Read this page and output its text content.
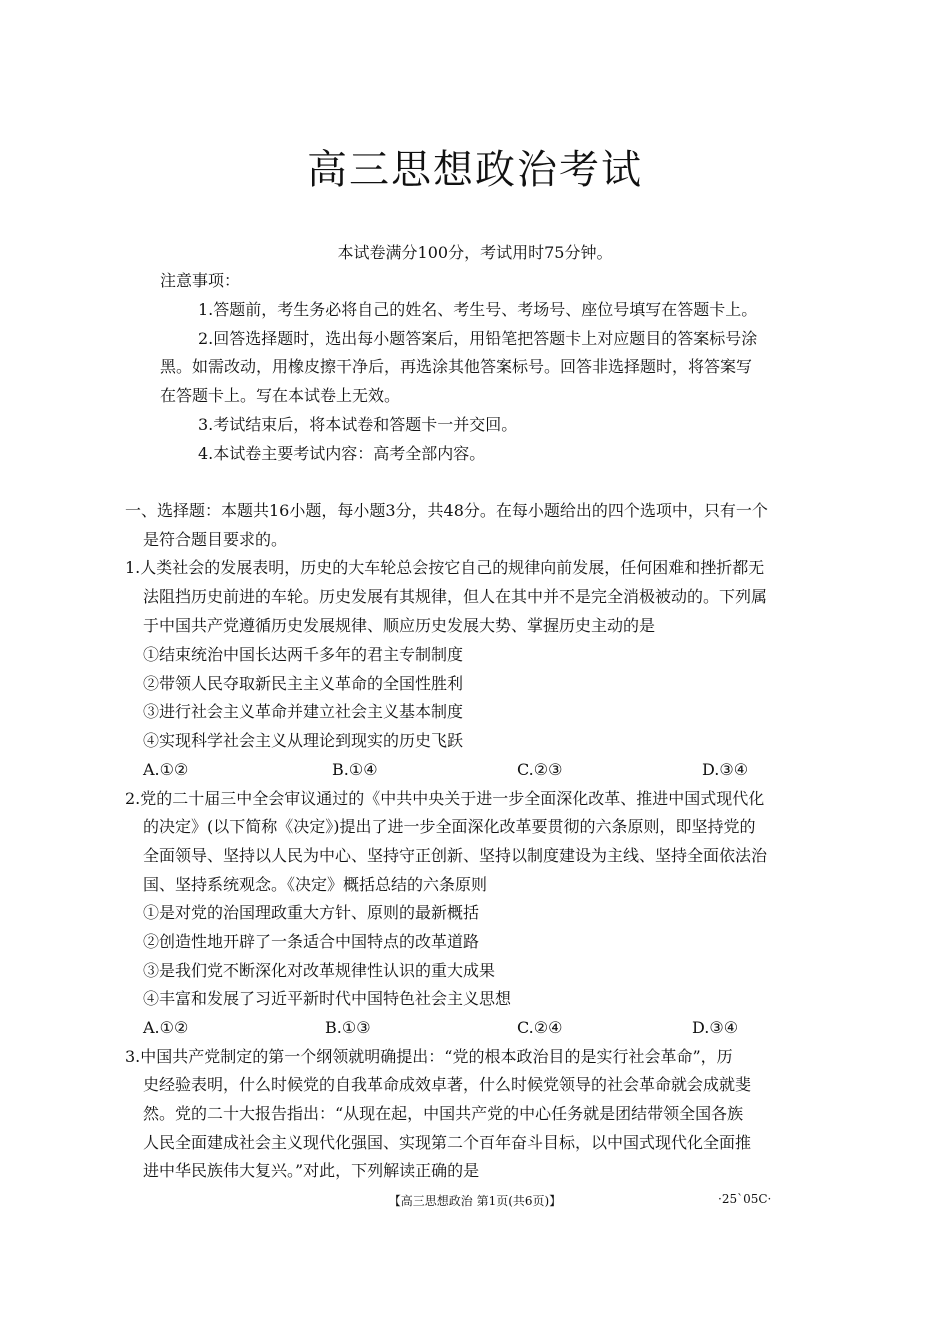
高三思想政治考试
本试卷满分100分，考试用时75分钟。
注意事项：
1.答题前，考生务必将自己的姓名、考生号、考场号、座位号填写在答题卡上。
2.回答选择题时，选出每小题答案后，用铅笔把答题卡上对应题目的答案标号涂
黑。如需改动，用橡皮擦干净后，再选涂其他答案标号。回答非选择题时，将答案写
在答题卡上。写在本试卷上无效。
3.考试结束后，将本试卷和答题卡一并交回。
4.本试卷主要考试内容：高考全部内容。
一、选择题：本题共16小题，每小题3分，共48分。在每小题给出的四个选项中，只有一个
是符合题目要求的。
1.人类社会的发展表明，历史的大车轮总会按它自己的规律向前发展，任何困难和挫折都无
法阻挡历史前进的车轮。历史发展有其规律，但人在其中并不是完全消极被动的。下列属
于中国共产党遵循历史发展规律、顺应历史发展大势、掌握历史主动的是
①结束统治中国长达两千多年的君主专制制度
②带领人民夺取新民主主义革命的全国性胜利
③进行社会主义革命并建立社会主义基本制度
④实现科学社会主义从理论到现实的历史飞跃
A.①②	B.①④	C.②③	D.③④
2.党的二十届三中全会审议通过的《中共中央关于进一步全面深化改革、推进中国式现代化
的决定》(以下简称《决定》)提出了进一步全面深化改革要贯彻的六条原则，即坚持党的
全面领导、坚持以人民为中心、坚持守正创新、坚持以制度建设为主线、坚持全面依法治
国、坚持系统观念。《决定》概括总结的六条原则
①是对党的治国理政重大方针、原则的最新概括
②创造性地开辟了一条适合中国特点的改革道路
③是我们党不断深化对改革规律性认识的重大成果
④丰富和发展了习近平新时代中国特色社会主义思想
A.①②	B.①③	C.②④	D.③④
3.中国共产党制定的第一个纲领就明确提出：“党的根本政治目的是实行社会革命”，历
史经验表明，什么时候党的自我革命成效卓著，什么时候党领导的社会革命就会成就斐
然。党的二十大报告指出：“从现在起，中国共产党的中心任务就是团结带领全国各族
人民全面建成社会主义现代化强国、实现第二个百年奋斗目标，以中国式现代化全面推
进中华民族伟大复兴。”对此，下列解读正确的是
【高三思想政治 第1页(共6页)】	·25`05C·
